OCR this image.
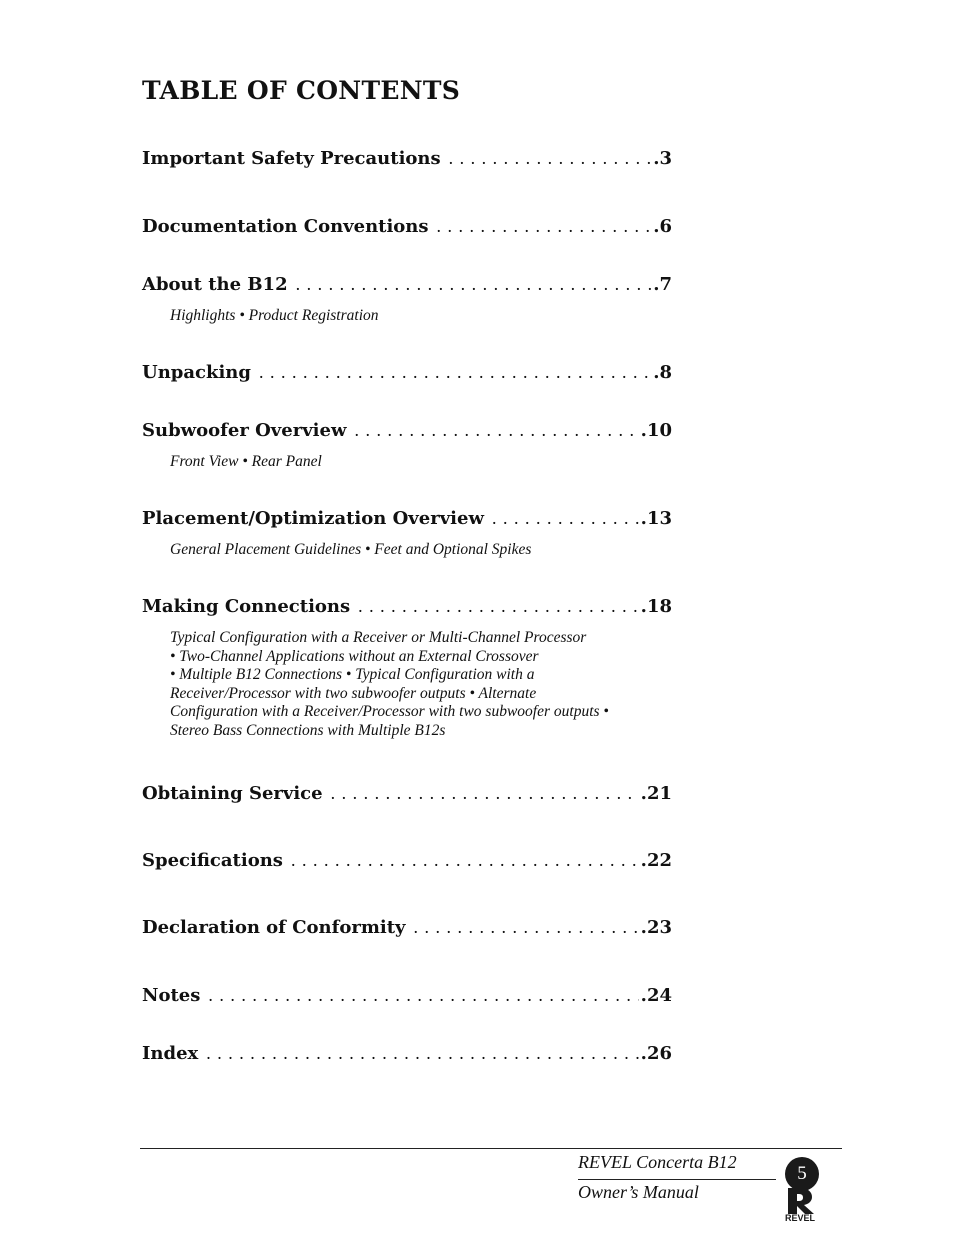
TABLE OF CONTENTS
Important Safety Precautions . . .	.3
Documentation Conventions . . .	.6
About the B12 . . .	.7
Highlights • Product Registration
Unpacking . . .	.8
Subwoofer Overview . . .	.10
Front View • Rear Panel
Placement/Optimization Overview . . .	.13
General Placement Guidelines • Feet and Optional Spikes
Making Connections . . .	.18
Typical Configuration with a Receiver or Multi-Channel Processor
• Two-Channel Applications without an External Crossover
• Multiple B12 Connections • Typical Configuration with a
Receiver/Processor with two subwoofer outputs • Alternate
Configuration with a Receiver/Processor with two subwoofer outputs •
Stereo Bass Connections with Multiple B12s
Obtaining Service . . .	.21
Specifications . . .	.22
Declaration of Conformity . . .	.23
Notes . . .	.24
Index . . .	.26
REVEL Concerta B12
Owner’s Manual
5
REVEL
